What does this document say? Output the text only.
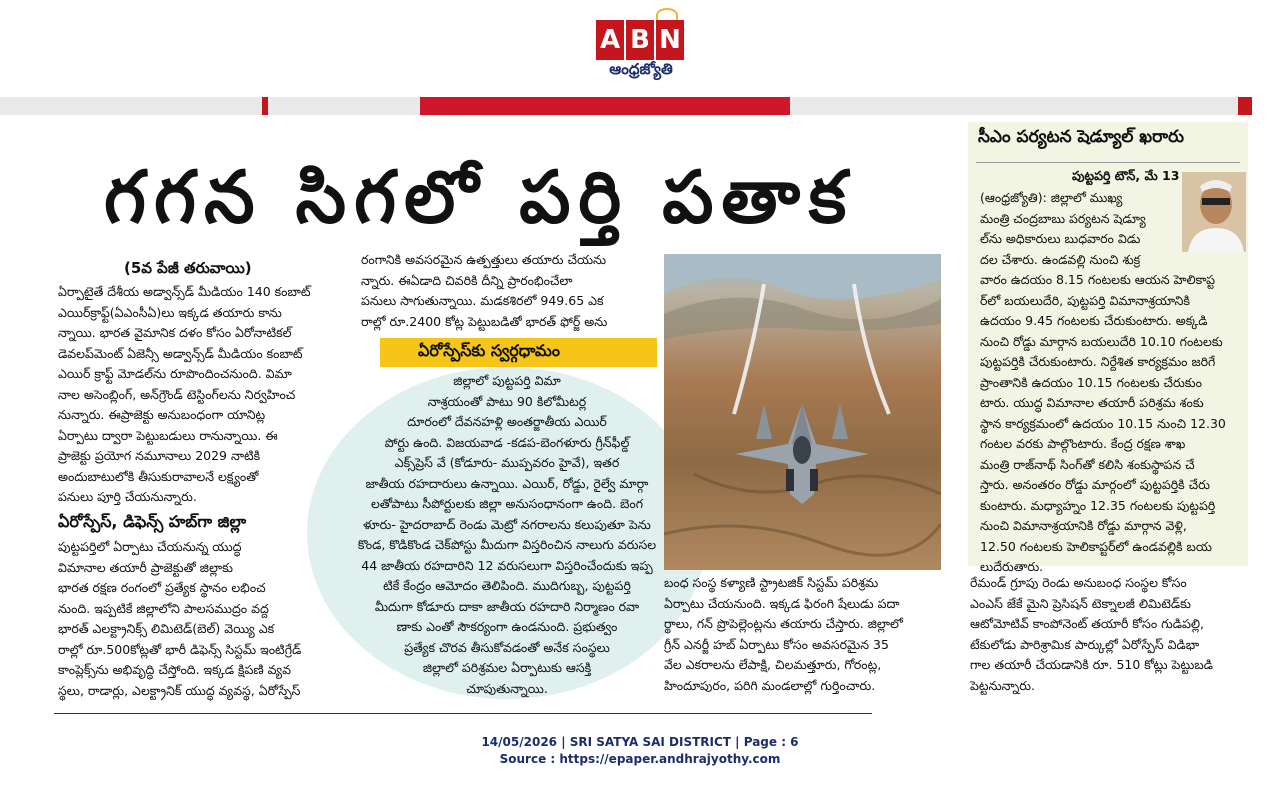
A B N
ఆంధ్రజ్యోతి
గగన సిగలో పర్తి పతాక
(5వ పేజీ తరువాయి)

ఏర్పాటైతే దేశీయ అడ్వాన్స్‌డ్ మీడియం 140 కంబాట్

ఎయిర్‌క్రాఫ్ట్(ఏఎంసీఏ)లు ఇక్కడ తయారు కాను

న్నాయి. భారత వైమానిక దళం కోసం ఏరోనాటికల్

డెవలప్‌మెంట్ ఏజెన్సీ అడ్వాన్స్‌డ్ మీడియం కంబాట్

ఎయిర్ క్రాఫ్ట్ మోడల్‌ను రూపొందించనుంది. విమా

నాల అసెంబ్లింగ్, అన్‌గ్రౌండ్ టెస్టింగ్‌లను నిర్వహించ

నున్నారు. ఈప్రాజెక్టు అనుబంధంగా యానిట్ల

ఏర్పాటు ద్వారా పెట్టుబడులు రానున్నాయి. ఈ

ప్రాజెక్టు ప్రయోగ నమూనాలు 2029 నాటికి

అందుబాటులోకి తీసుకురావాలనే లక్ష్యంతో

పనులు పూర్తి చేయనున్నారు.

ఏరోస్పేస్, డిఫెన్స్ హబ్‌గా జిల్లా

పుట్టపర్తిలో ఏర్పాటు చేయనున్న యుద్ధ

విమానాల తయారీ ప్రాజెక్టుతో జిల్లాకు

భారత రక్షణ రంగంలో ప్రత్యేక స్థానం లభించ

నుంది. ఇప్పటికే జిల్లాలోని పాలసముద్రం వద్ద

భారత్ ఎలక్ట్రానిక్స్ లిమిటెడ్(బెల్) వెయ్యి ఎక

రాల్లో రూ.500కోట్లతో భారీ డిఫెన్స్ సిస్టమ్ ఇంటిగ్రేడ్

కాంప్లెక్స్‌ను అభివృద్ధి చేస్తోంది. ఇక్కడ క్షిపణి వ్యవ

స్థలు, రాడార్లు, ఎలక్ట్రానిక్ యుద్ధ వ్యవస్థ, ఏరోస్పేస్

రంగానికి అవసరమైన ఉత్పత్తులు తయారు చేయను

న్నారు. ఈఏడాది చివరికి దీన్ని ప్రారంభించేలా

పనులు సాగుతున్నాయి. మడకశిరలో 949.65 ఎక

రాల్లో రూ.2400 కోట్ల పెట్టుబడితో భారత్ ఫోర్జ్ అను

ఏరోస్పేస్‌కు స్వర్గధామం

జిల్లాలో పుట్టపర్తి విమా

నాశ్రయంతో పాటు 90 కిలోమీటర్ల

దూరంలో దేవనహళ్లి అంతర్జాతీయ ఎయిర్

పోర్టు ఉంది. విజయవాడ -కడప-బెంగళూరు గ్రీన్‌ఫీల్డ్

ఎక్స్‌ప్రెస్ వే (కోడూరు- ముప్పవరం హైవే), ఇతర

జాతీయ రహదారులు ఉన్నాయి. ఎయిర్, రోడ్డు, రైల్వే మార్గా

లతోపాటు సీపోర్టులకు జిల్లా అనుసంధానంగా ఉంది. బెంగ

ళూరు- హైదరాబాద్ రెండు మెట్రో నగరాలను కలుపుతూ పెను

కొండ, కొడికొండ చెక్‌పోస్టు మీదుగా విస్తరించిన నాలుగు వరుసల

44 జాతీయ రహదారిని 12 వరుసలుగా విస్తరించేందుకు ఇప్ప

టికే కేంద్రం ఆమోదం తెలిపింది. ముదిగుబ్బ, పుట్టపర్తి

మీదుగా కోడూరు దాకా జాతీయ రహదారి నిర్మాణం రవా

ణాకు ఎంతో సౌకర్యంగా ఉండనుంది. ప్రభుత్వం

ప్రత్యేక చొరవ తీసుకోవడంతో అనేక సంస్థలు

జిల్లాలో పరిశ్రమల ఏర్పాటుకు ఆసక్తి

చూపుతున్నాయి.

బంధ సంస్థ కళ్యాణి స్ట్రాటజిక్ సిస్టమ్ పరిశ్రమ

ఏర్పాటు చేయనుంది. ఇక్కడ ఫిరంగి షేలుడు పదా

ర్థాలు, గన్ ప్రొపెల్లెంట్లను తయారు చేస్తారు. జిల్లాలో

గ్రీన్ ఎనర్జీ హబ్ ఏర్పాటు కోసం అవసరమైన 35

వేల ఎకరాలను లేపాక్షి, చిలమత్తూరు, గోరంట్ల,

హిందూపురం, పరిగి మండలాల్లో గుర్తించారు.

సీఎం పర్యటన షెడ్యూల్ ఖరారు
పుట్టపర్తి టౌన్, మే 13

(ఆంధ్రజ్యోతి): జిల్లాలో ముఖ్య

మంత్రి చంద్రబాబు పర్యటన షెడ్యూ

ల్‌ను అధికారులు బుధవారం విడు

దల చేశారు. ఉండవల్లి నుంచి శుక్ర

వారం ఉదయం 8.15 గంటలకు ఆయన హెలికాప్ట

ర్‌లో బయలుదేరి, పుట్టపర్తి విమానాశ్రయానికి

ఉదయం 9.45 గంటలకు చేరుకుంటారు. అక్కడి

నుంచి రోడ్డు మార్గాన బయలుదేరి 10.10 గంటలకు

పుట్టపర్తికి చేరుకుంటారు. నిర్దేశిత కార్యక్రమం జరిగే

ప్రాంతానికి ఉదయం 10.15 గంటలకు చేరుకుం

టారు. యుద్ధ విమానాల తయారీ పరిశ్రమ శంకు

స్థాన కార్యక్రమంలో ఉదయం 10.15 నుంచి 12.30

గంటల వరకు పాల్గొంటారు. కేంద్ర రక్షణ శాఖ

మంత్రి రాజ్‌నాథ్ సింగ్‌తో కలిసి శంకుస్థాపన చే

స్తారు. అనంతరం రోడ్డు మార్గంలో పుట్టపర్తికి చేరు

కుంటారు. మధ్యాహ్నం 12.35 గంటలకు పుట్టపర్తి

నుంచి విమానాశ్రయానికి రోడ్డు మార్గాన వెళ్లి,

12.50 గంటలకు హెలికాప్టర్‌లో ఉండవల్లికి బయ

లుదేరుతారు.

రేమండ్ గ్రూపు రెండు అనుబంధ సంస్థల కోసం

ఎంఎస్ జేకే మైని ప్రెసిషన్ టెక్నాలజీ లిమిటెడ్‌కు

ఆటోమోటివ్ కాంపోనెంట్ తయారీ కోసం గుడిపల్లి,

టేకులోడు పారిశ్రామిక పార్కుల్లో ఏరోస్పేస్ విడిభా

గాల తయారీ చేయడానికి రూ. 510 కోట్లు పెట్టుబడి

పెట్టనున్నారు.

14/05/2026 | SRI SATYA SAI DISTRICT | Page : 6
Source : https://epaper.andhrajyothy.com
